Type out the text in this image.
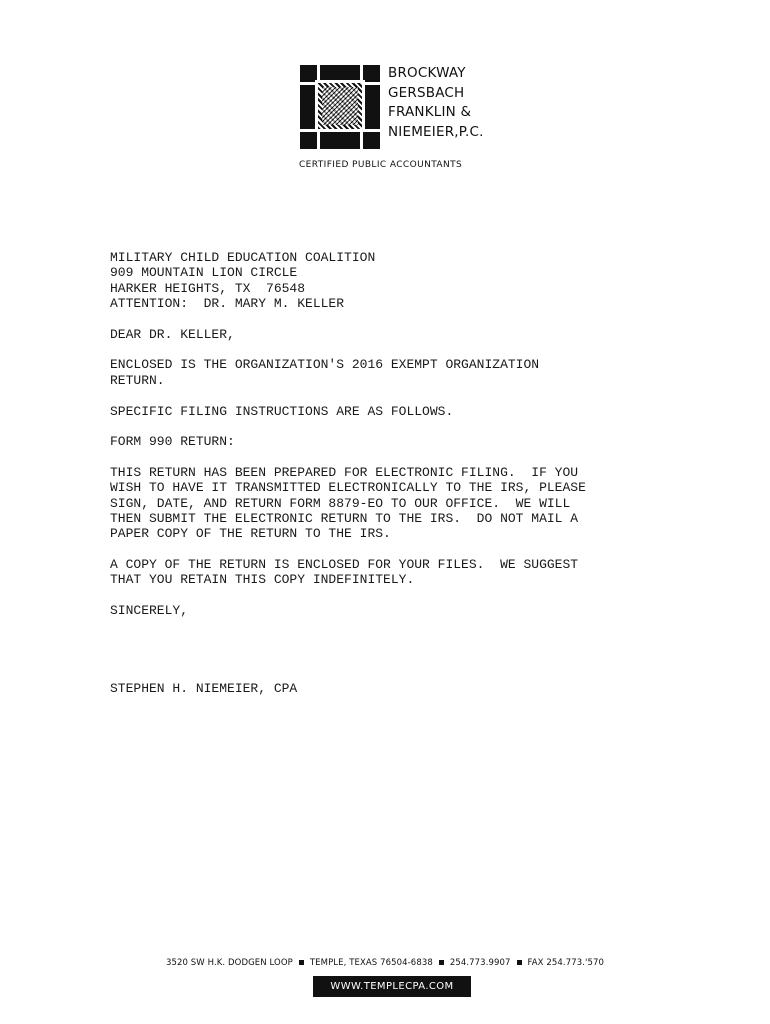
BROCKWAY
GERSBACH
FRANKLIN &
NIEMEIER,P.C.
CERTIFIED PUBLIC ACCOUNTANTS
MILITARY CHILD EDUCATION COALITION
909 MOUNTAIN LION CIRCLE
HARKER HEIGHTS, TX  76548
ATTENTION:  DR. MARY M. KELLER
DEAR DR. KELLER,
ENCLOSED IS THE ORGANIZATION'S 2016 EXEMPT ORGANIZATION
RETURN.
SPECIFIC FILING INSTRUCTIONS ARE AS FOLLOWS.
FORM 990 RETURN:
THIS RETURN HAS BEEN PREPARED FOR ELECTRONIC FILING.  IF YOU
WISH TO HAVE IT TRANSMITTED ELECTRONICALLY TO THE IRS, PLEASE
SIGN, DATE, AND RETURN FORM 8879-EO TO OUR OFFICE.  WE WILL
THEN SUBMIT THE ELECTRONIC RETURN TO THE IRS.  DO NOT MAIL A
PAPER COPY OF THE RETURN TO THE IRS.
A COPY OF THE RETURN IS ENCLOSED FOR YOUR FILES.  WE SUGGEST
THAT YOU RETAIN THIS COPY INDEFINITELY.
SINCERELY,
STEPHEN H. NIEMEIER, CPA
3520 SW H.K. DODGEN LOOP TEMPLE, TEXAS 76504-6838 254.773.9907 FAX 254.773.'570
WWW.TEMPLECPA.COM
